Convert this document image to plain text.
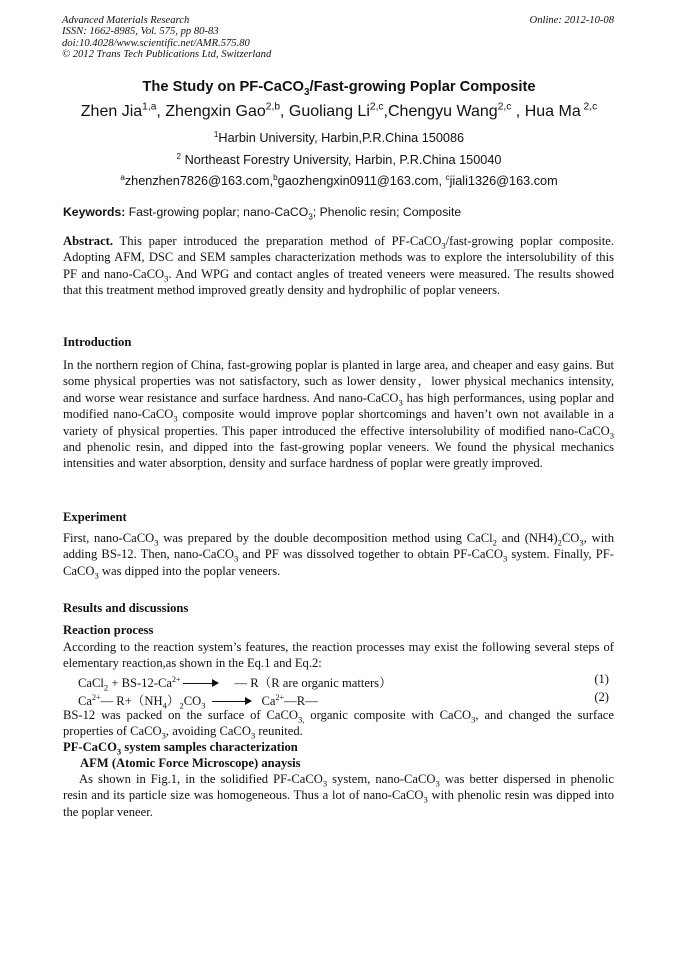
Advanced Materials Research
ISSN: 1662-8985, Vol. 575, pp 80-83
doi:10.4028/www.scientific.net/AMR.575.80
© 2012 Trans Tech Publications Ltd, Switzerland
Online: 2012-10-08
The Study on PF-CaCO$_3$/Fast-growing Poplar Composite
Zhen Jia$^{1,a}$, Zhengxin Gao$^{2,b}$, Guoliang Li$^{2,c}$,Chengyu Wang$^{2,c}$ , Hua Ma $^{2,c}$
$^1$Harbin University, Harbin,P.R.China 150086
$^2$ Northeast Forestry University, Harbin, P.R.China 150040
$^a$zhenzhen7826@163.com,$^b$gaozhengxin0911@163.com, $^c$jiali1326@163.com
Keywords: Fast-growing poplar; nano-CaCO$_3$; Phenolic resin; Composite

Abstract. This paper introduced the preparation method of PF-CaCO$_3$/fast-growing poplar composite. Adopting AFM, DSC and SEM samples characterization methods was to explore the intersolubility of this PF and nano-CaCO$_3$. And WPG and contact angles of treated veneers were measured. The results showed that this treatment method improved greatly density and hydrophilic of poplar veneers.

Introduction

In the northern region of China, fast-growing poplar is planted in large area, and cheaper and easy gains. But some physical properties was not satisfactory, such as lower density，lower physical mechanics intensity, and worse wear resistance and surface hardness. And nano-CaCO$_3$ has high performances, using poplar and modified nano-CaCO$_3$ composite would improve poplar shortcomings and haven’t own not available in a variety of physical properties. This paper introduced the effective intersolubility of modified nano-CaCO$_3$ and phenolic resin, and dipped into the fast-growing poplar veneers. We found the physical mechanics intensities and water absorption, density and surface hardness of poplar were greatly improved.

Experiment

First, nano-CaCO$_3$ was prepared by the double decomposition method using CaCl$_2$ and $(NH4)_2CO_3$, with adding BS-12. Then, nano-CaCO$_3$ and PF was dissolved together to obtain PF-CaCO$_3$ system. Finally, PF-CaCO$_3$ was dipped into the poplar veneers.

Results and discussions
Reaction process

According to the reaction system’s features, the reaction processes may exist the following several steps of elementary reaction,as shown in the Eq.1 and Eq.2:

CaCl$_2$ + $BS-12-Ca^{2+}$	— R（R are organic matters）	(1)
$Ca^{2+}—$ $R+(NH_4)_2CO_3$	$Ca^{2+}—R—$	(2)

BS-12 was packed on the surface of CaCO$_{3,}$ organic composite with CaCO$_3$, and changed the surface properties of CaCO$_3$, avoiding CaCO$_3$ reunited.

PF-CaCO$_3$ system samples characterization
AFM (Atomic Force Microscope) anaysis

As shown in Fig.1, in the solidified PF-CaCO$_3$ system, nano-CaCO$_3$ was better dispersed in phenolic resin and its particle size was homogeneous. Thus a lot of nano-CaCO$_3$ with phenolic resin was dipped into the poplar veneer.
